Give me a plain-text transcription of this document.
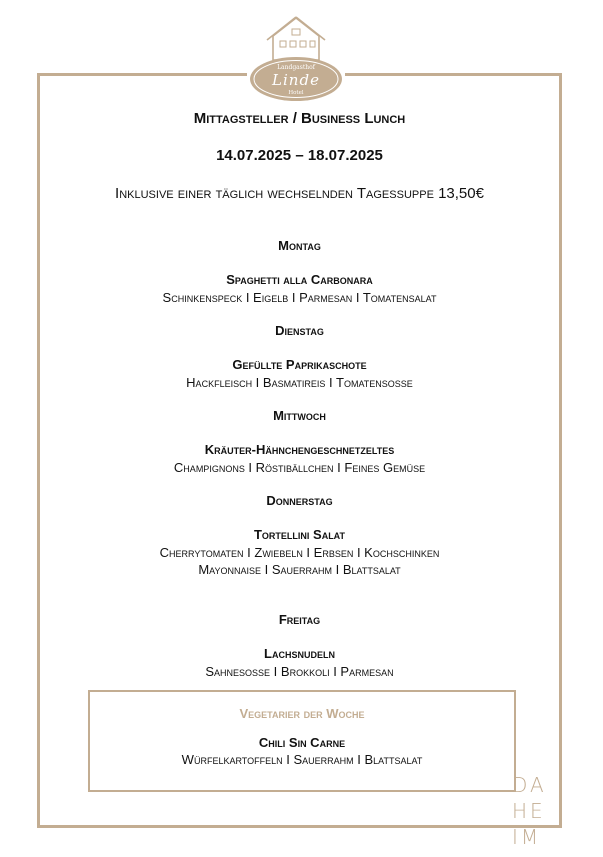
Landgasthof
Linde
Hotel
Mittagsteller / Business Lunch
14.07.2025 – 18.07.2025
Inklusive einer täglich wechselnden Tagessuppe 13,50€
Montag
Spaghetti alla Carbonara
Schinkenspeck I Eigelb I Parmesan I Tomatensalat
Dienstag
Gefüllte Paprikaschote
Hackfleisch I Basmatireis I Tomatensoße
Mittwoch
Kräuter-Hähnchengeschnetzeltes
Champignons I Röstibällchen I Feines Gemüse
Donnerstag
Tortellini Salat
Cherrytomaten I Zwiebeln I Erbsen I Kochschinken
Mayonnaise I Sauerrahm I Blattsalat
Freitag
Lachsnudeln
Sahnesoße I Brokkoli I Parmesan
Vegetarier der Woche
Chili Sin Carne
Würfelkartoffeln I Sauerrahm I Blattsalat
DA
HE
IM
